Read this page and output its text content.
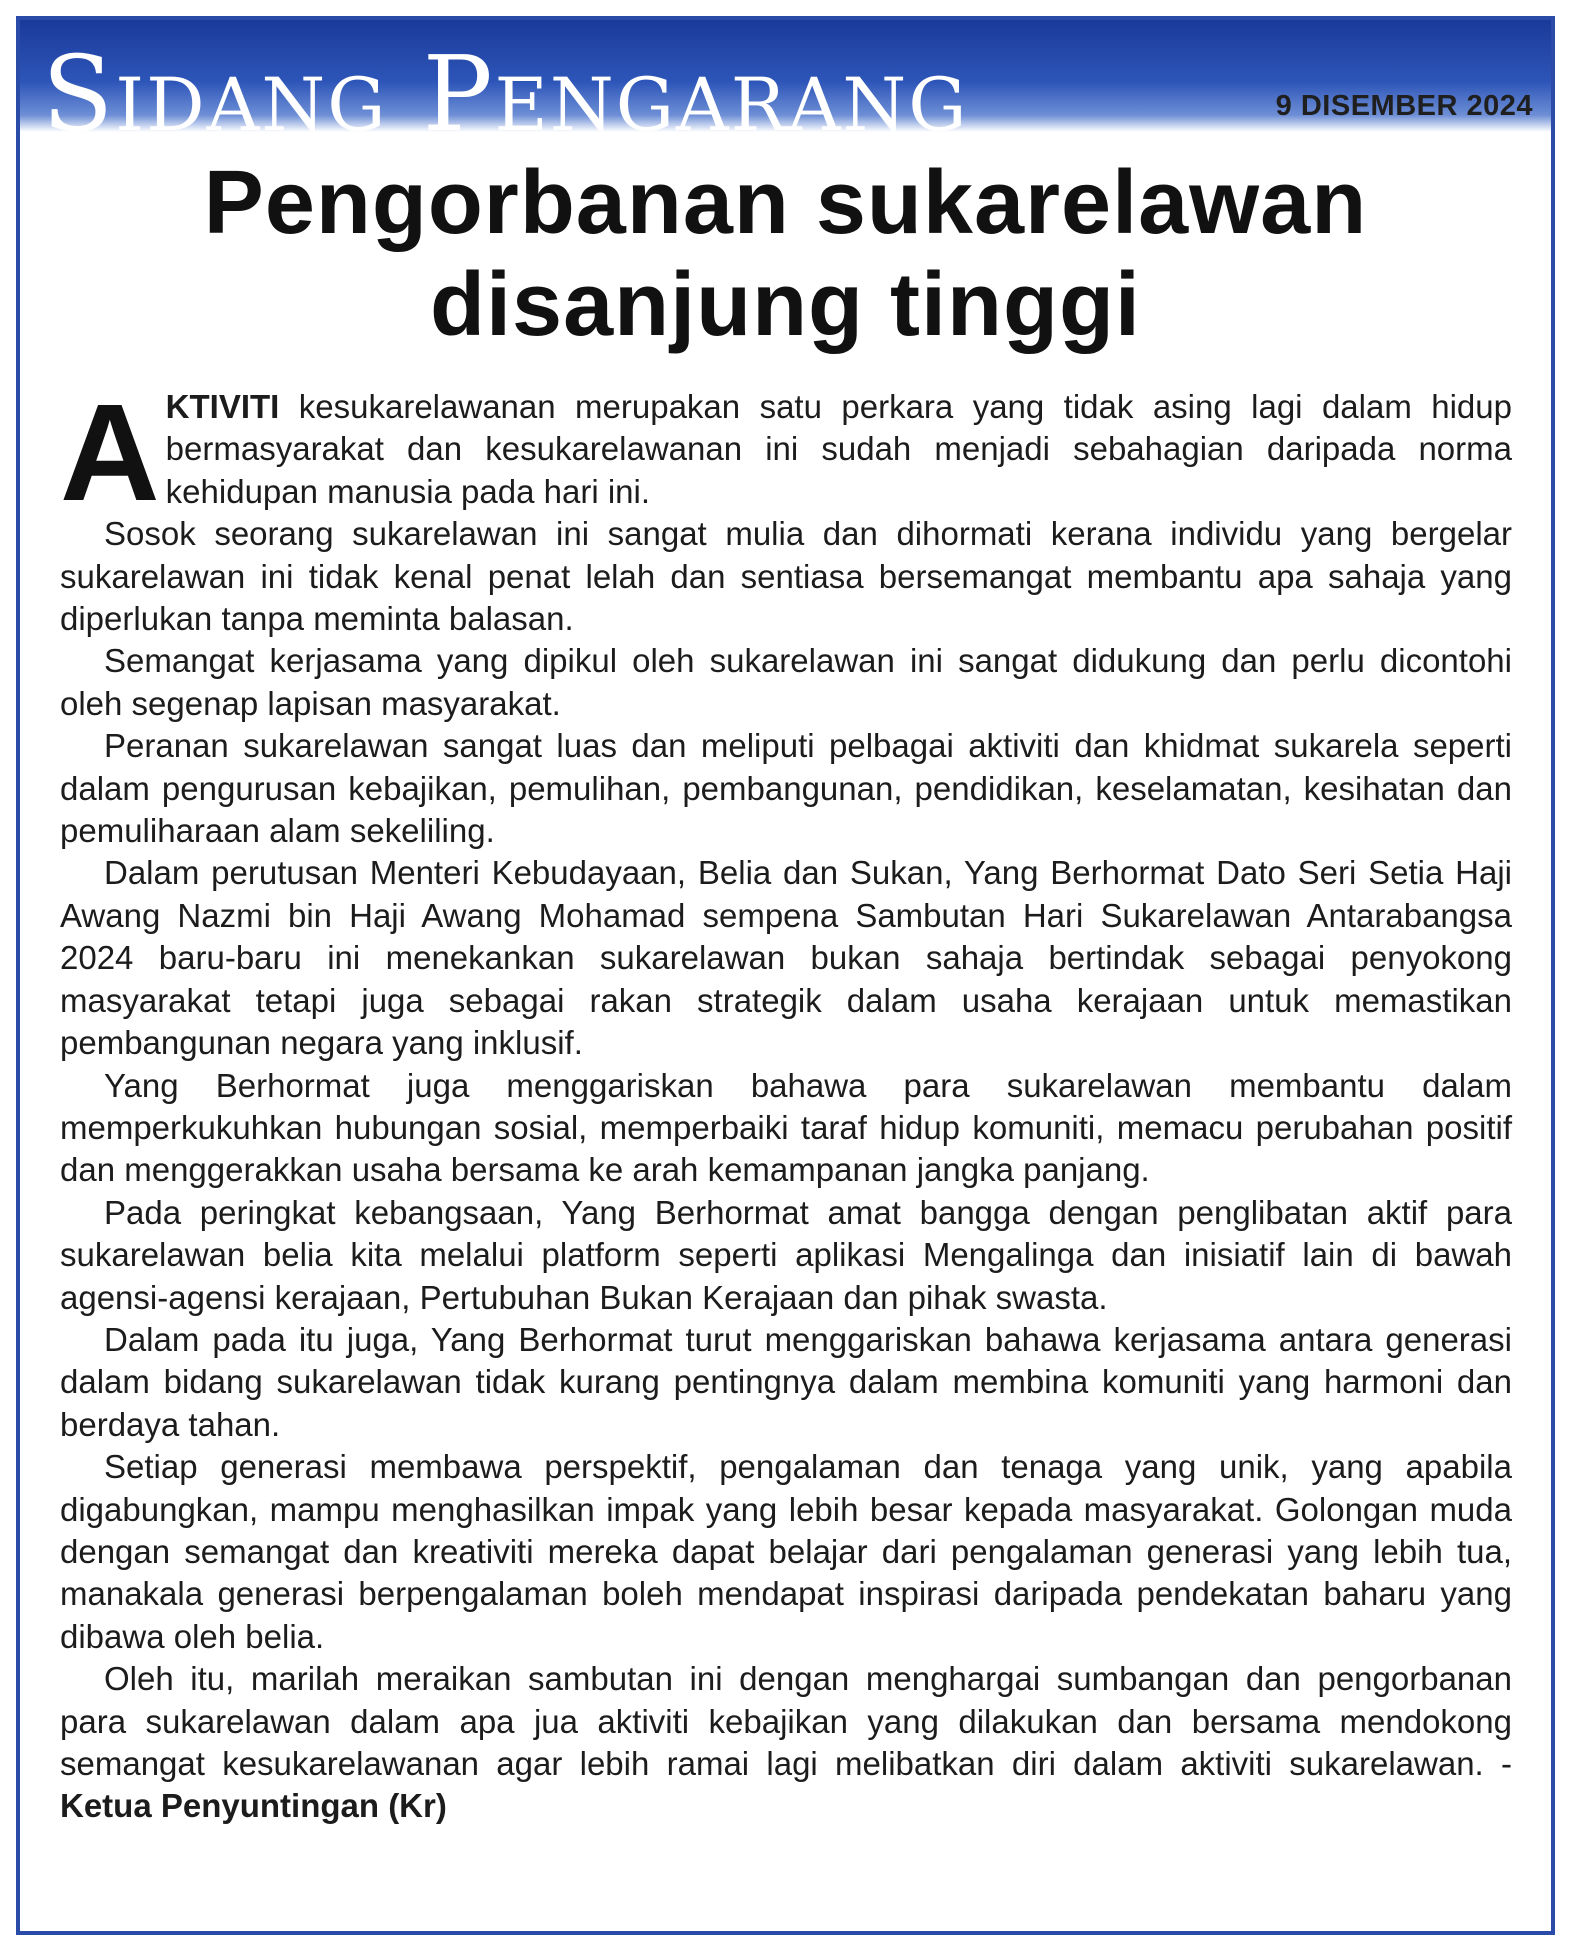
Sidang Pengarang	9 DISEMBER 2024
Pengorbanan sukarelawan
disanjung tinggi

AKTIVITI kesukarelawanan merupakan satu perkara yang tidak asing lagi dalam hidup bermasyarakat dan kesukarelawanan ini sudah menjadi sebahagian daripada norma kehidupan manusia pada hari ini.

Sosok seorang sukarelawan ini sangat mulia dan dihormati kerana individu yang bergelar sukarelawan ini tidak kenal penat lelah dan sentiasa bersemangat membantu apa sahaja yang diperlukan tanpa meminta balasan.

Semangat kerjasama yang dipikul oleh sukarelawan ini sangat didukung dan perlu dicontohi oleh segenap lapisan masyarakat.

Peranan sukarelawan sangat luas dan meliputi pelbagai aktiviti dan khidmat sukarela seperti dalam pengurusan kebajikan, pemulihan, pembangunan, pendidikan, keselamatan, kesihatan dan pemuliharaan alam sekeliling.

Dalam perutusan Menteri Kebudayaan, Belia dan Sukan, Yang Berhormat Dato Seri Setia Haji Awang Nazmi bin Haji Awang Mohamad sempena Sambutan Hari Sukarelawan Antarabangsa 2024 baru-baru ini menekankan sukarelawan bukan sahaja bertindak sebagai penyokong masyarakat tetapi juga sebagai rakan strategik dalam usaha kerajaan untuk memastikan pembangunan negara yang inklusif.

Yang Berhormat juga menggariskan bahawa para sukarelawan membantu dalam memperkukuhkan hubungan sosial, memperbaiki taraf hidup komuniti, memacu perubahan positif dan menggerakkan usaha bersama ke arah kemampanan jangka panjang.

Pada peringkat kebangsaan, Yang Berhormat amat bangga dengan penglibatan aktif para sukarelawan belia kita melalui platform seperti aplikasi Mengalinga dan inisiatif lain di bawah agensi-agensi kerajaan, Pertubuhan Bukan Kerajaan dan pihak swasta.

Dalam pada itu juga, Yang Berhormat turut menggariskan bahawa kerjasama antara generasi dalam bidang sukarelawan tidak kurang pentingnya dalam membina komuniti yang harmoni dan berdaya tahan.

Setiap generasi membawa perspektif, pengalaman dan tenaga yang unik, yang apabila digabungkan, mampu menghasilkan impak yang lebih besar kepada masyarakat. Golongan muda dengan semangat dan kreativiti mereka dapat belajar dari pengalaman generasi yang lebih tua, manakala generasi berpengalaman boleh mendapat inspirasi daripada pendekatan baharu yang dibawa oleh belia.

Oleh itu, marilah meraikan sambutan ini dengan menghargai sumbangan dan pengorbanan para sukarelawan dalam apa jua aktiviti kebajikan yang dilakukan dan bersama mendokong semangat kesukarelawanan agar lebih ramai lagi melibatkan diri dalam aktiviti sukarelawan. - Ketua Penyuntingan (Kr)
